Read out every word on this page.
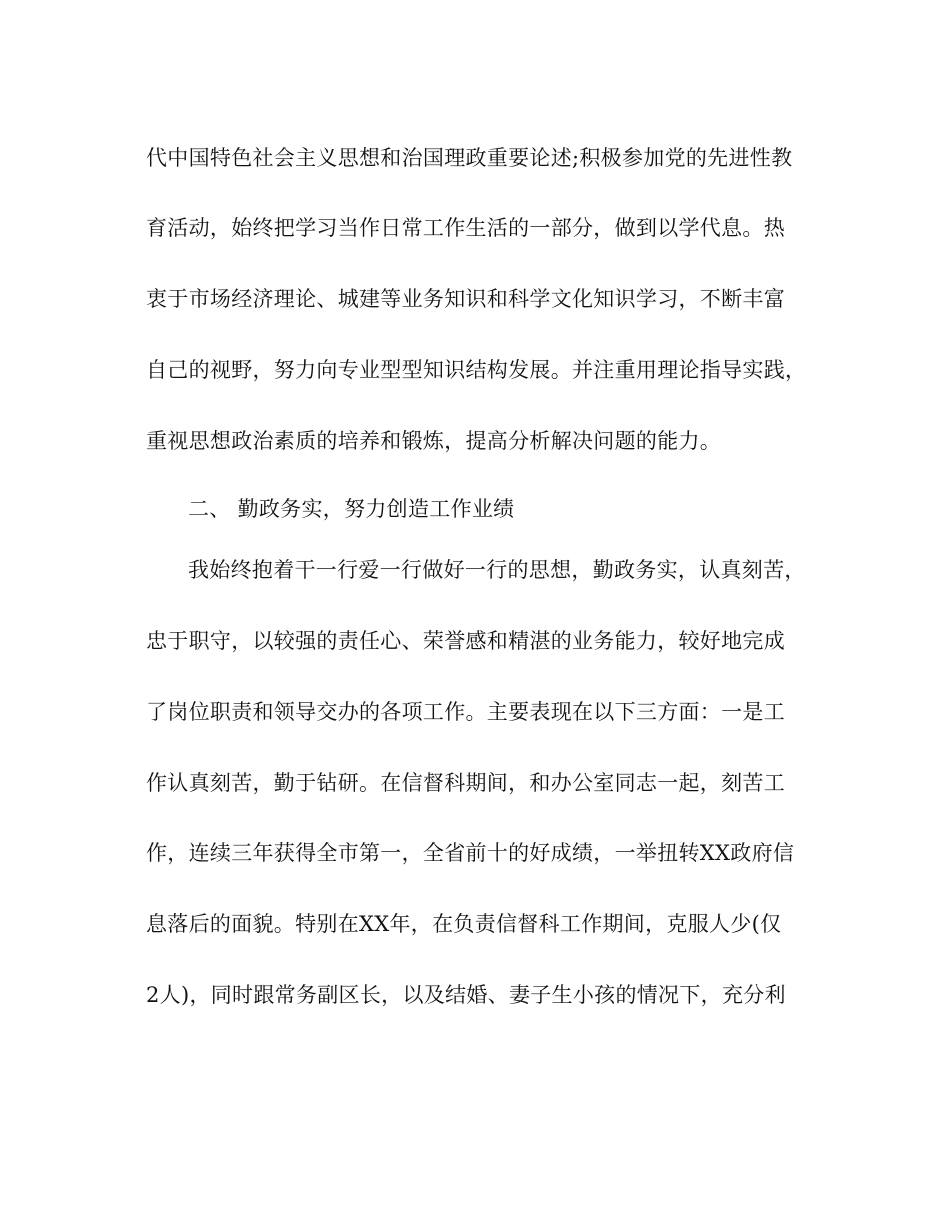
代中国特色社会主义思想和治国理政重要论述;积极参加党的先进性教
育活动，始终把学习当作日常工作生活的一部分，做到以学代息。热
衷于市场经济理论、城建等业务知识和科学文化知识学习，不断丰富
自己的视野，努力向专业型型知识结构发展。并注重用理论指导实践，
重视思想政治素质的培养和锻炼，提高分析解决问题的能力。
二、 勤政务实，努力创造工作业绩
我始终抱着干一行爱一行做好一行的思想，勤政务实，认真刻苦，
忠于职守，以较强的责任心、荣誉感和精湛的业务能力，较好地完成
了岗位职责和领导交办的各项工作。主要表现在以下三方面：一是工
作认真刻苦，勤于钻研。在信督科期间，和办公室同志一起，刻苦工
作，连续三年获得全市第一，全省前十的好成绩，一举扭转XX政府信
息落后的面貌。特别在XX年，在负责信督科工作期间，克服人少(仅
2人)，同时跟常务副区长，以及结婚、妻子生小孩的情况下，充分利
